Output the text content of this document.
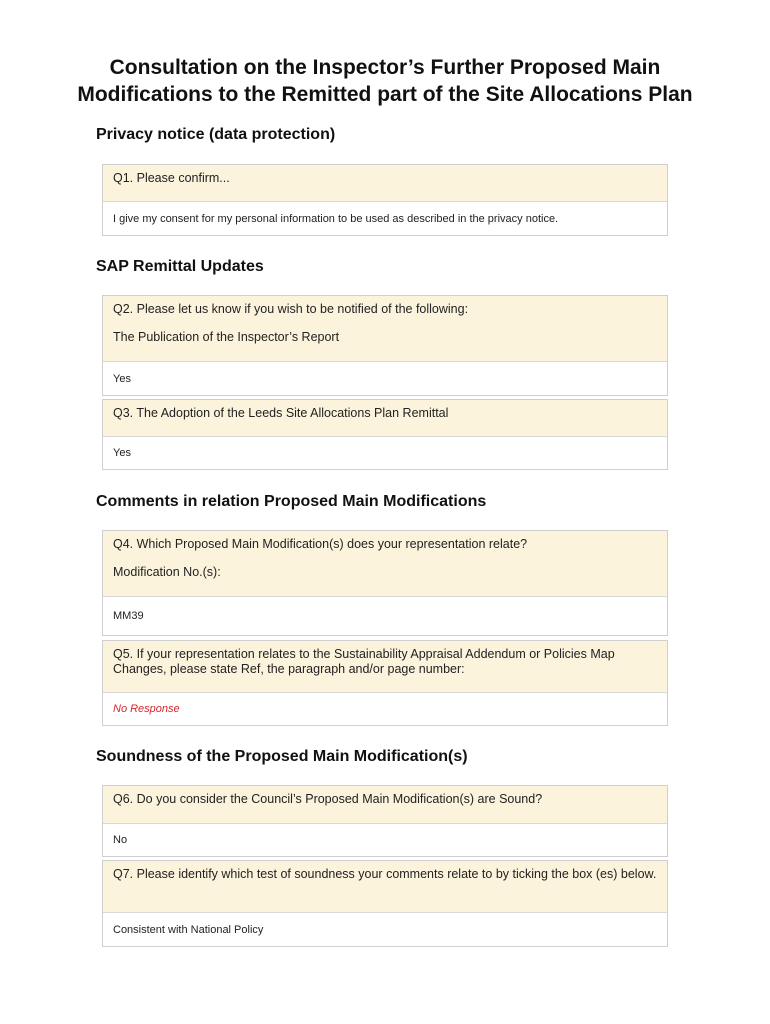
Consultation on the Inspector’s Further Proposed Main
Modifications to the Remitted part of the Site Allocations Plan
Privacy notice (data protection)

Q1. Please confirm...

I give my consent for my personal information to be used as described in the privacy notice.
SAP Remittal Updates

Q2. Please let us know if you wish to be notified of the following:

The Publication of the Inspector’s Report

Yes

Q3. The Adoption of the Leeds Site Allocations Plan Remittal

Yes
Comments in relation Proposed Main Modifications

Q4. Which Proposed Main Modification(s) does your representation relate?

Modification No.(s):

MM39

Q5. If your representation relates to the Sustainability Appraisal Addendum or Policies Map Changes, please state Ref, the paragraph and/or page number:

No Response
Soundness of the Proposed Main Modification(s)

Q6. Do you consider the Council’s Proposed Main Modification(s) are Sound?

No

Q7. Please identify which test of soundness your comments relate to by ticking the box (es) below.

Consistent with National Policy
